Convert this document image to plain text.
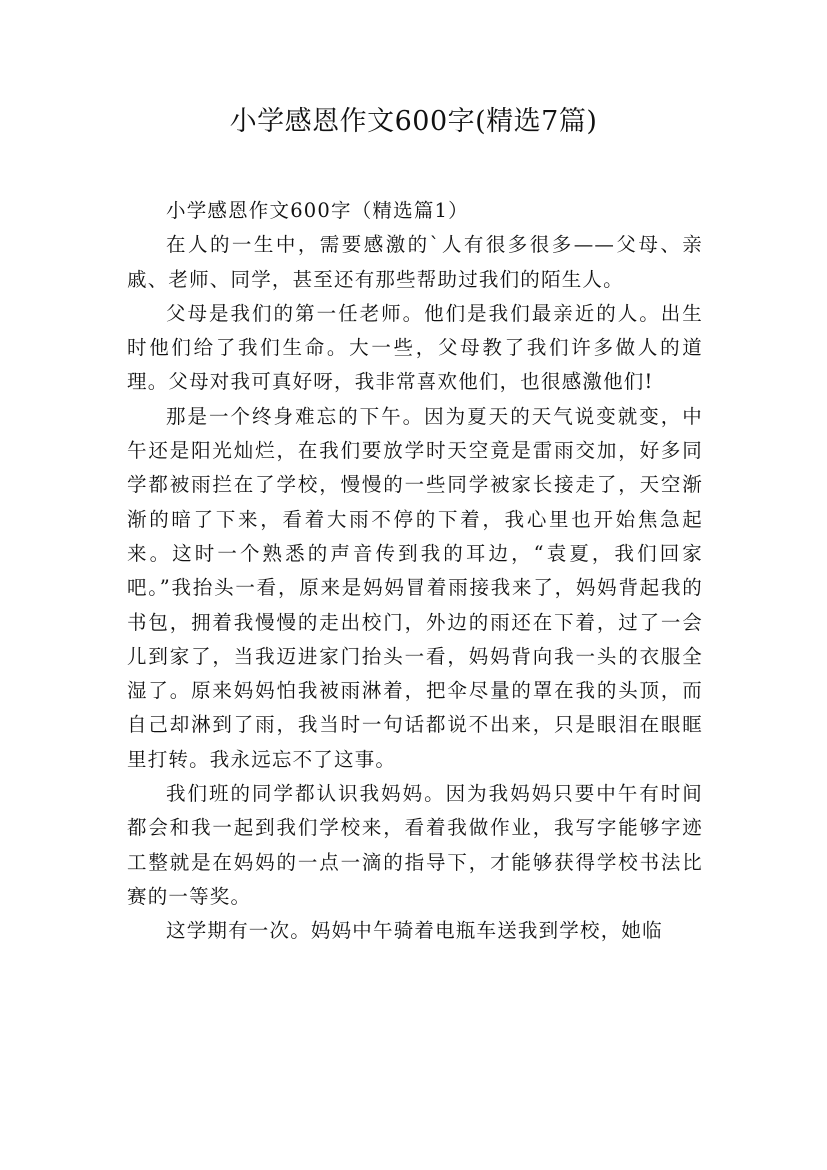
小学感恩作文600字(精选7篇)

小学感恩作文600字（精选篇1）

在人的一生中，需要感激的`人有很多很多——父母、亲戚、老师、同学，甚至还有那些帮助过我们的陌生人。

父母是我们的第一任老师。他们是我们最亲近的人。出生时他们给了我们生命。大一些，父母教了我们许多做人的道理。父母对我可真好呀，我非常喜欢他们，也很感激他们!

那是一个终身难忘的下午。因为夏天的天气说变就变，中午还是阳光灿烂，在我们要放学时天空竟是雷雨交加，好多同学都被雨拦在了学校，慢慢的一些同学被家长接走了，天空渐渐的暗了下来，看着大雨不停的下着，我心里也开始焦急起来。这时一个熟悉的声音传到我的耳边，“袁夏，我们回家吧。”我抬头一看，原来是妈妈冒着雨接我来了，妈妈背起我的书包，拥着我慢慢的走出校门，外边的雨还在下着，过了一会儿到家了，当我迈进家门抬头一看，妈妈背向我一头的衣服全湿了。原来妈妈怕我被雨淋着，把伞尽量的罩在我的头顶，而自己却淋到了雨，我当时一句话都说不出来，只是眼泪在眼眶里打转。我永远忘不了这事。

我们班的同学都认识我妈妈。因为我妈妈只要中午有时间都会和我一起到我们学校来，看着我做作业，我写字能够字迹工整就是在妈妈的一点一滴的指导下，才能够获得学校书法比赛的一等奖。

这学期有一次。妈妈中午骑着电瓶车送我到学校，她临
